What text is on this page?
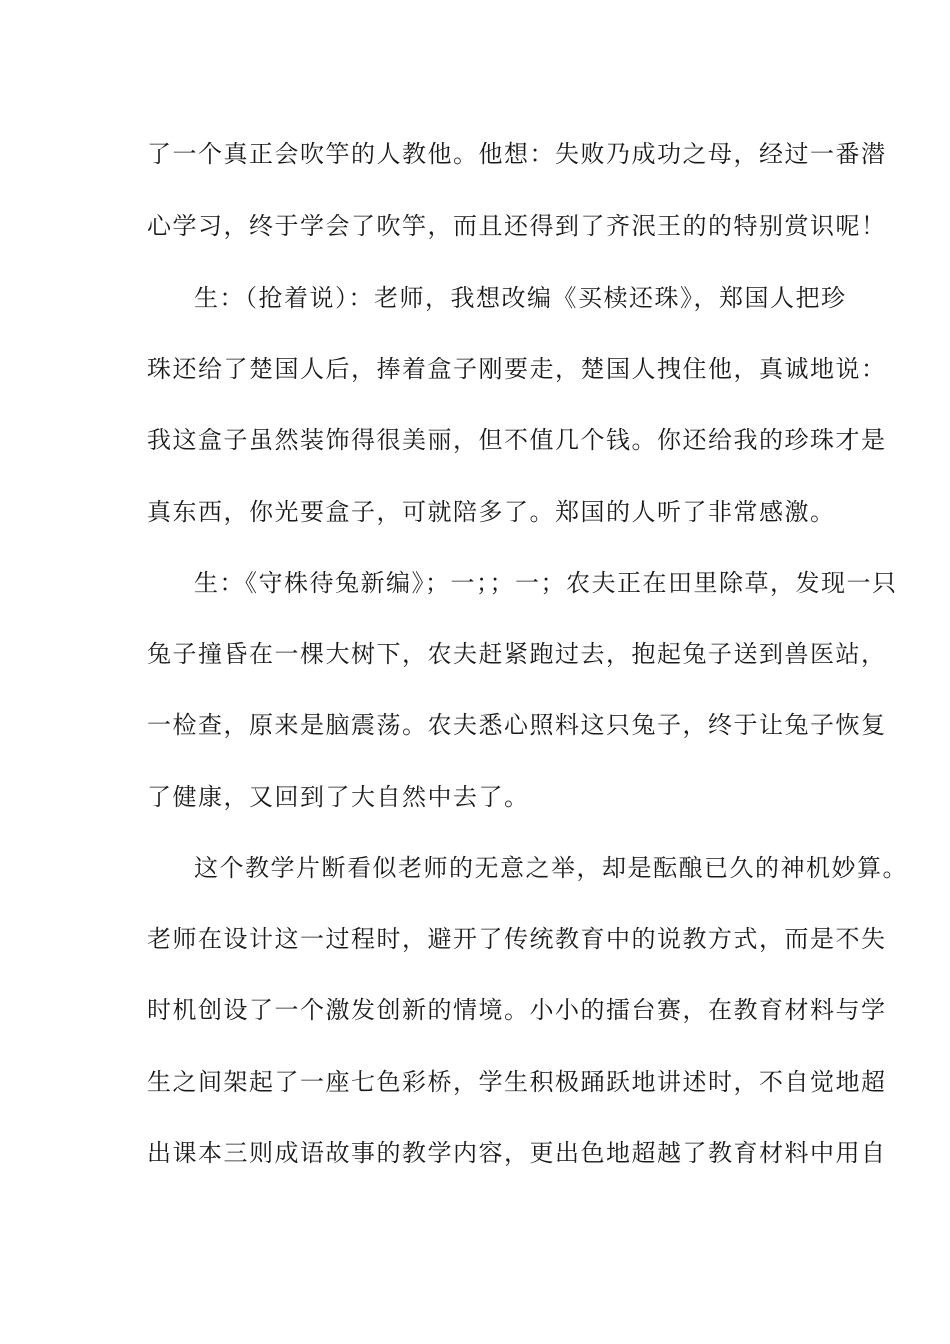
了一个真正会吹竽的人教他。他想：失败乃成功之母，经过一番潜
心学习，终于学会了吹竽，而且还得到了齐泯王的的特别赏识呢！
生：（抢着说）：老师，我想改编《买椟还珠》，郑国人把珍
珠还给了楚国人后，捧着盒子刚要走，楚国人拽住他，真诚地说：
我这盒子虽然装饰得很美丽，但不值几个钱。你还给我的珍珠才是
真东西，你光要盒子，可就陪多了。郑国的人听了非常感激。
生：《守株待兔新编》；一；；一；农夫正在田里除草，发现一只
兔子撞昏在一棵大树下，农夫赶紧跑过去，抱起兔子送到兽医站，
一检查，原来是脑震荡。农夫悉心照料这只兔子，终于让兔子恢复
了健康，又回到了大自然中去了。
这个教学片断看似老师的无意之举，却是酝酿已久的神机妙算。
老师在设计这一过程时，避开了传统教育中的说教方式，而是不失
时机创设了一个激发创新的情境。小小的擂台赛，在教育材料与学
生之间架起了一座七色彩桥，学生积极踊跃地讲述时，不自觉地超
出课本三则成语故事的教学内容，更出色地超越了教育材料中用自
